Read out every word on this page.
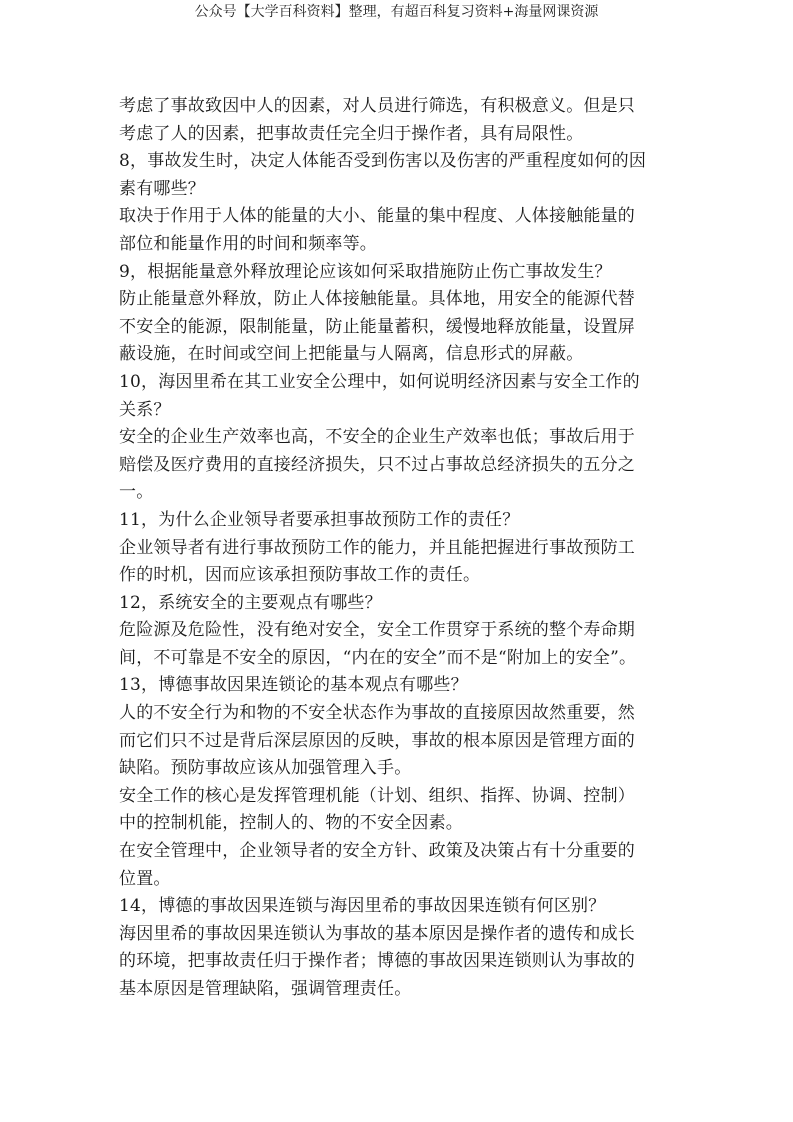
公众号【大学百科资料】整理，有超百科复习资料+海量网课资源
考虑了事故致因中人的因素，对人员进行筛选，有积极意义。但是只
考虑了人的因素，把事故责任完全归于操作者，具有局限性。
8，事故发生时，决定人体能否受到伤害以及伤害的严重程度如何的因
素有哪些？
取决于作用于人体的能量的大小、能量的集中程度、人体接触能量的
部位和能量作用的时间和频率等。
9，根据能量意外释放理论应该如何采取措施防止伤亡事故发生？
防止能量意外释放，防止人体接触能量。具体地，用安全的能源代替
不安全的能源，限制能量，防止能量蓄积，缓慢地释放能量，设置屏
蔽设施，在时间或空间上把能量与人隔离，信息形式的屏蔽。
10，海因里希在其工业安全公理中，如何说明经济因素与安全工作的
关系？
安全的企业生产效率也高，不安全的企业生产效率也低；事故后用于
赔偿及医疗费用的直接经济损失，只不过占事故总经济损失的五分之
一。
11，为什么企业领导者要承担事故预防工作的责任？
企业领导者有进行事故预防工作的能力，并且能把握进行事故预防工
作的时机，因而应该承担预防事故工作的责任。
12，系统安全的主要观点有哪些？
危险源及危险性，没有绝对安全，安全工作贯穿于系统的整个寿命期
间，不可靠是不安全的原因，“内在的安全”而不是“附加上的安全”。
13，博德事故因果连锁论的基本观点有哪些？
人的不安全行为和物的不安全状态作为事故的直接原因故然重要，然
而它们只不过是背后深层原因的反映，事故的根本原因是管理方面的
缺陷。预防事故应该从加强管理入手。
安全工作的核心是发挥管理机能（计划、组织、指挥、协调、控制）
中的控制机能，控制人的、物的不安全因素。
在安全管理中，企业领导者的安全方针、政策及决策占有十分重要的
位置。
14，博德的事故因果连锁与海因里希的事故因果连锁有何区别？
海因里希的事故因果连锁认为事故的基本原因是操作者的遗传和成长
的环境，把事故责任归于操作者；博德的事故因果连锁则认为事故的
基本原因是管理缺陷，强调管理责任。
